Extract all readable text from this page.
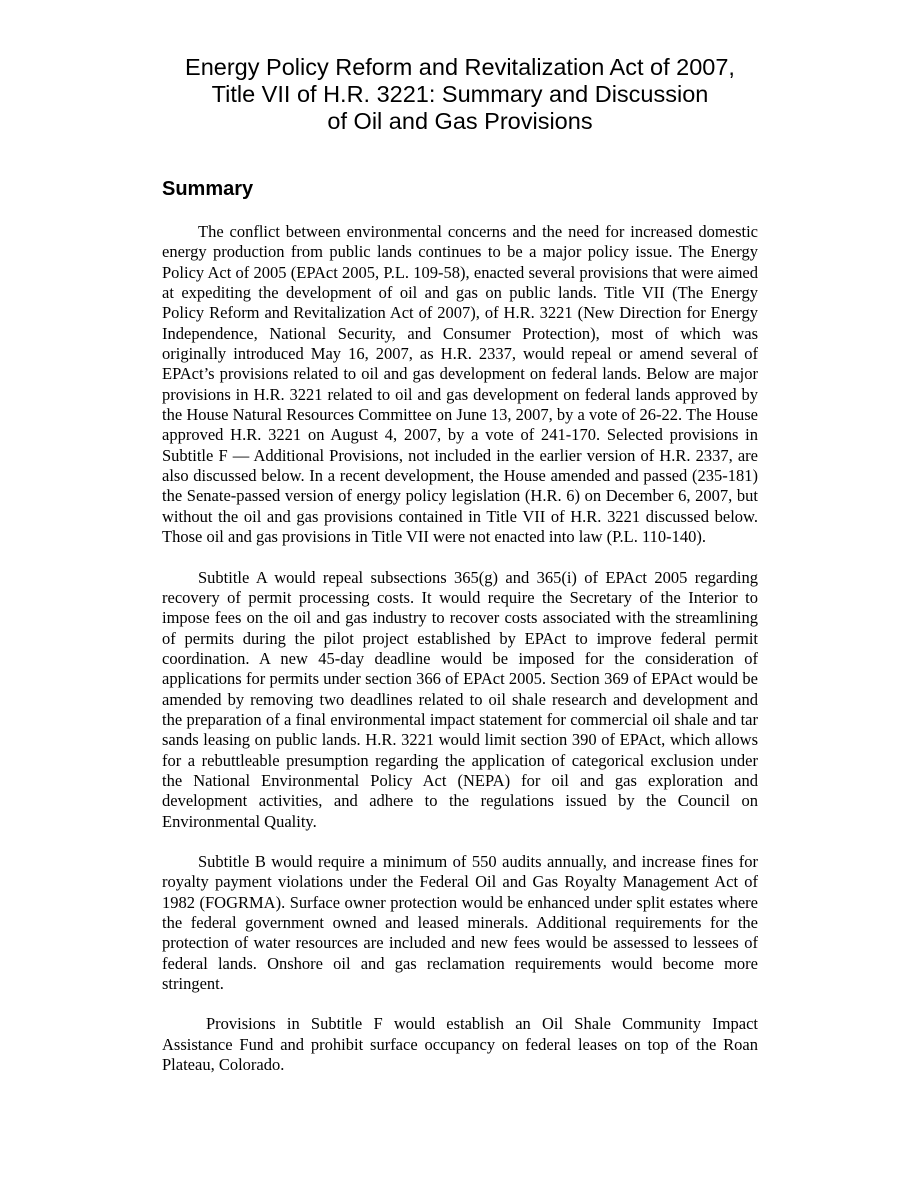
Energy Policy Reform and Revitalization Act of 2007,
Title VII of H.R. 3221: Summary and Discussion
of Oil and Gas Provisions
Summary

The conflict between environmental concerns and the need for increased domestic energy production from public lands continues to be a major policy issue. The Energy Policy Act of 2005 (EPAct 2005, P.L. 109-58), enacted several provisions that were aimed at expediting the development of oil and gas on public lands. Title VII (The Energy Policy Reform and Revitalization Act of 2007), of H.R. 3221 (New Direction for Energy Independence, National Security, and Consumer Protection), most of which was originally introduced May 16, 2007, as H.R. 2337, would repeal or amend several of EPAct’s provisions related to oil and gas development on federal lands. Below are major provisions in H.R. 3221 related to oil and gas development on federal lands approved by the House Natural Resources Committee on June 13, 2007, by a vote of 26-22. The House approved H.R. 3221 on August 4, 2007, by a vote of 241-170. Selected provisions in Subtitle F — Additional Provisions, not included in the earlier version of H.R. 2337, are also discussed below. In a recent development, the House amended and passed (235-181) the Senate-passed version of energy policy legislation (H.R. 6) on December 6, 2007, but without the oil and gas provisions contained in Title VII of H.R. 3221 discussed below. Those oil and gas provisions in Title VII were not enacted into law (P.L. 110-140).

Subtitle A would repeal subsections 365(g) and 365(i) of EPAct 2005 regarding recovery of permit processing costs. It would require the Secretary of the Interior to impose fees on the oil and gas industry to recover costs associated with the streamlining of permits during the pilot project established by EPAct to improve federal permit coordination. A new 45-day deadline would be imposed for the consideration of applications for permits under section 366 of EPAct 2005. Section 369 of EPAct would be amended by removing two deadlines related to oil shale research and development and the preparation of a final environmental impact statement for commercial oil shale and tar sands leasing on public lands. H.R. 3221 would limit section 390 of EPAct, which allows for a rebuttleable presumption regarding the application of categorical exclusion under the National Environmental Policy Act (NEPA) for oil and gas exploration and development activities, and adhere to the regulations issued by the Council on Environmental Quality.

Subtitle B would require a minimum of 550 audits annually, and increase fines for royalty payment violations under the Federal Oil and Gas Royalty Management Act of 1982 (FOGRMA). Surface owner protection would be enhanced under split estates where the federal government owned and leased minerals. Additional requirements for the protection of water resources are included and new fees would be assessed to lessees of federal lands. Onshore oil and gas reclamation requirements would become more stringent.

Provisions in Subtitle F would establish an Oil Shale Community Impact Assistance Fund and prohibit surface occupancy on federal leases on top of the Roan Plateau, Colorado.
